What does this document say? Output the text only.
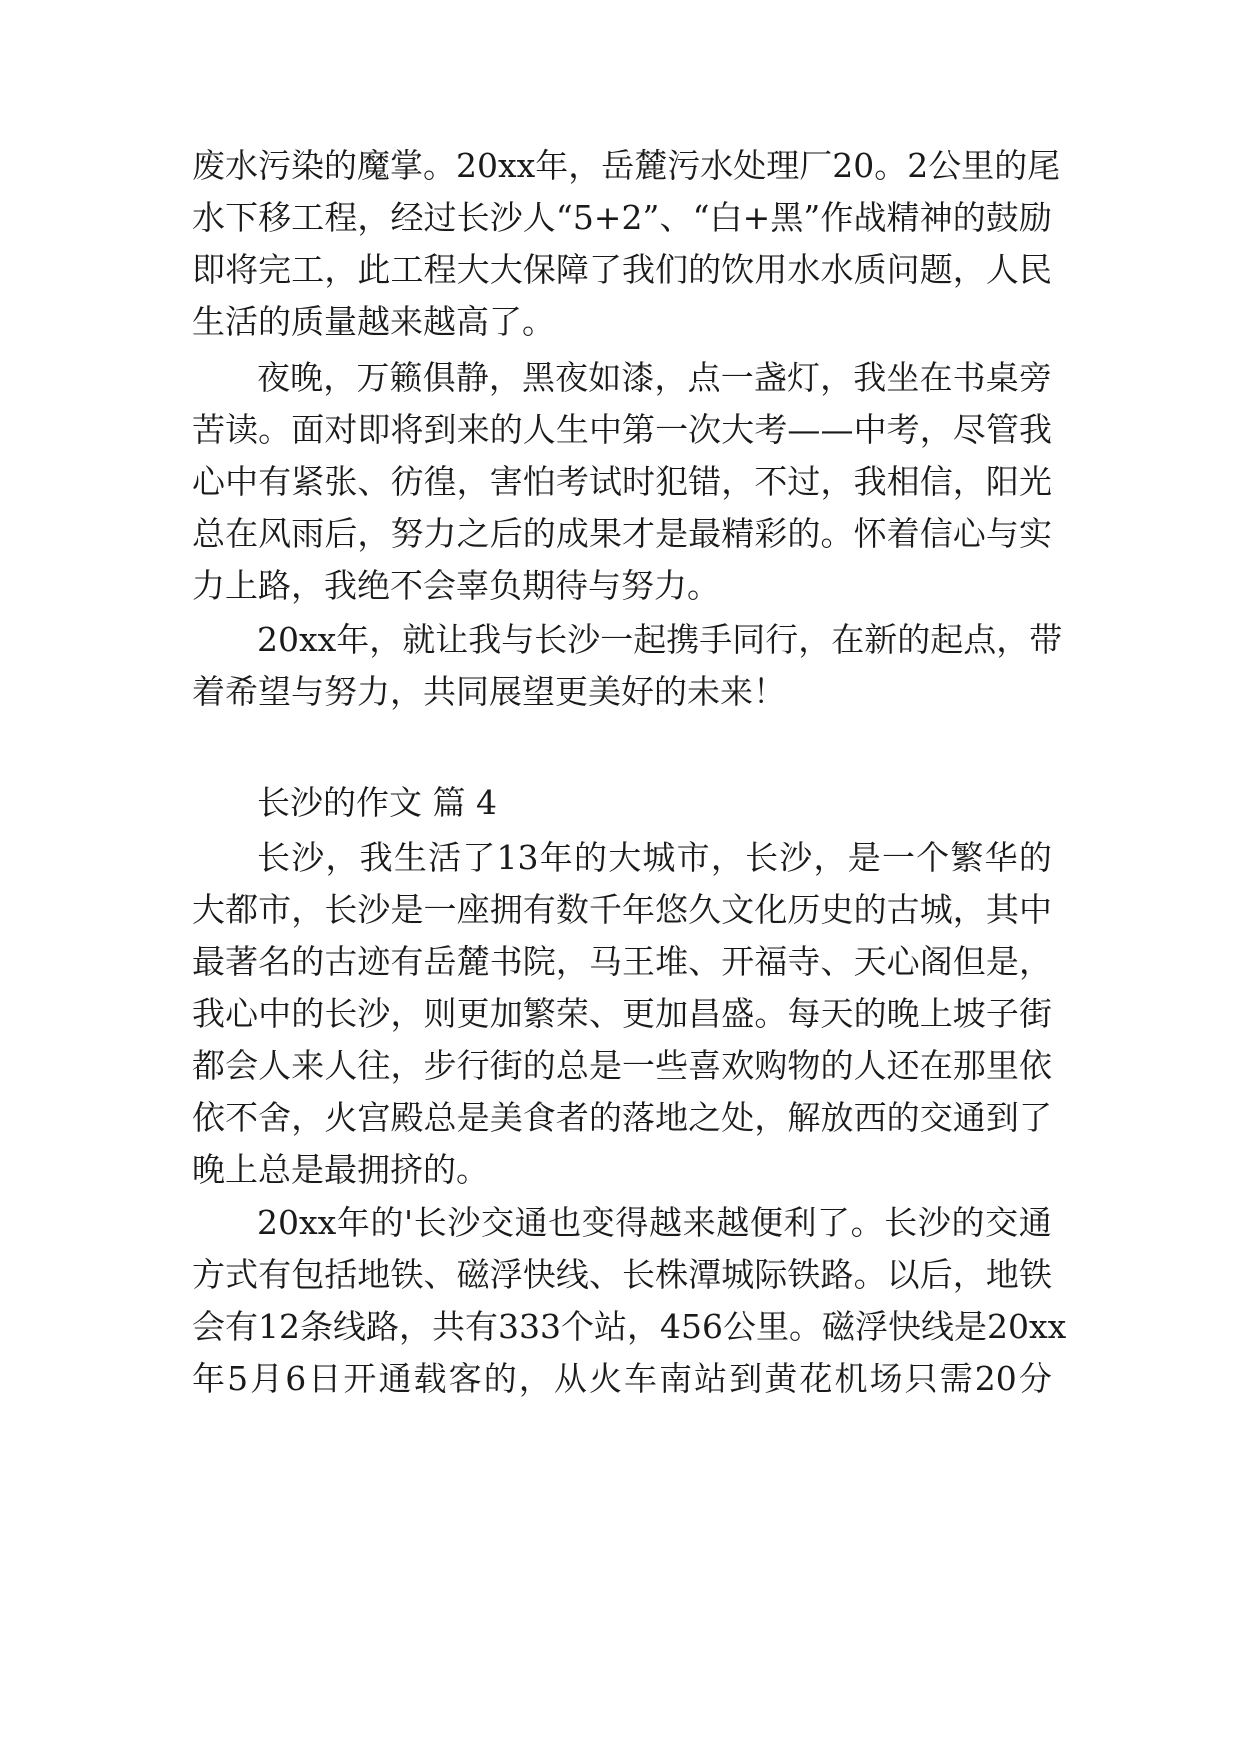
废 水 污 染 的 魔 掌 。 20xx 年 ， 岳 麓 污 水 处 理 厂 20 。 2 公 里 的 尾
水 下 移 工 程 ， 经 过 长 沙 人 “ 5+2 ” 、 “ 白 + 黑 ” 作 战 精 神 的 鼓 励
即 将 完 工 ， 此 工 程 大 大 保 障 了 我 们 的 饮 用 水 水 质 问 题 ， 人 民
生活的质量越来越高了。
夜 晚 ， 万 籁 俱 静 ， 黑 夜 如 漆 ， 点 一 盏 灯 ， 我 坐 在 书 桌 旁
苦 读 。 面 对 即 将 到 来 的 人 生 中 第 一 次 大 考 — — 中 考 ， 尽 管 我
心 中 有 紧 张 、 彷 徨 ， 害 怕 考 试 时 犯 错 ， 不 过 ， 我 相 信 ， 阳 光
总 在 风 雨 后 ， 努 力 之 后 的 成 果 才 是 最 精 彩 的 。 怀 着 信 心 与 实
力上路，我绝不会辜负期待与努力。
20xx 年 ， 就 让 我 与 长 沙 一 起 携 手 同 行 ， 在 新 的 起 点 ， 带
着希望与努力，共同展望更美好的未来！
长沙的作文 篇 4
长 沙 ， 我 生 活 了 13 年 的 大 城 市 ， 长 沙 ， 是 一 个 繁 华 的
大 都 市 ， 长 沙 是 一 座 拥 有 数 千 年 悠 久 文 化 历 史 的 古 城 ， 其 中
最 著 名 的 古 迹 有 岳 麓 书 院 ， 马 王 堆 、 开 福 寺 、 天 心 阁 但 是 ，
我 心 中 的 长 沙 ， 则 更 加 繁 荣 、 更 加 昌 盛 。 每 天 的 晚 上 坡 子 街
都 会 人 来 人 往 ， 步 行 街 的 总 是 一 些 喜 欢 购 物 的 人 还 在 那 里 依
依 不 舍 ， 火 宫 殿 总 是 美 食 者 的 落 地 之 处 ， 解 放 西 的 交 通 到 了
晚上总是最拥挤的。
20xx 年 的 ' 长 沙 交 通 也 变 得 越 来 越 便 利 了 。 长 沙 的 交 通
方 式 有 包 括 地 铁 、 磁 浮 快 线 、 长 株 潭 城 际 铁 路 。 以 后 ， 地 铁
会 有 12 条 线 路 ， 共 有 333 个 站 ， 456 公 里 。 磁 浮 快 线 是 20xx
年 5 月 6 日 开 通 载 客 的 ， 从 火 车 南 站 到 黄 花 机 场 只 需 20 分
